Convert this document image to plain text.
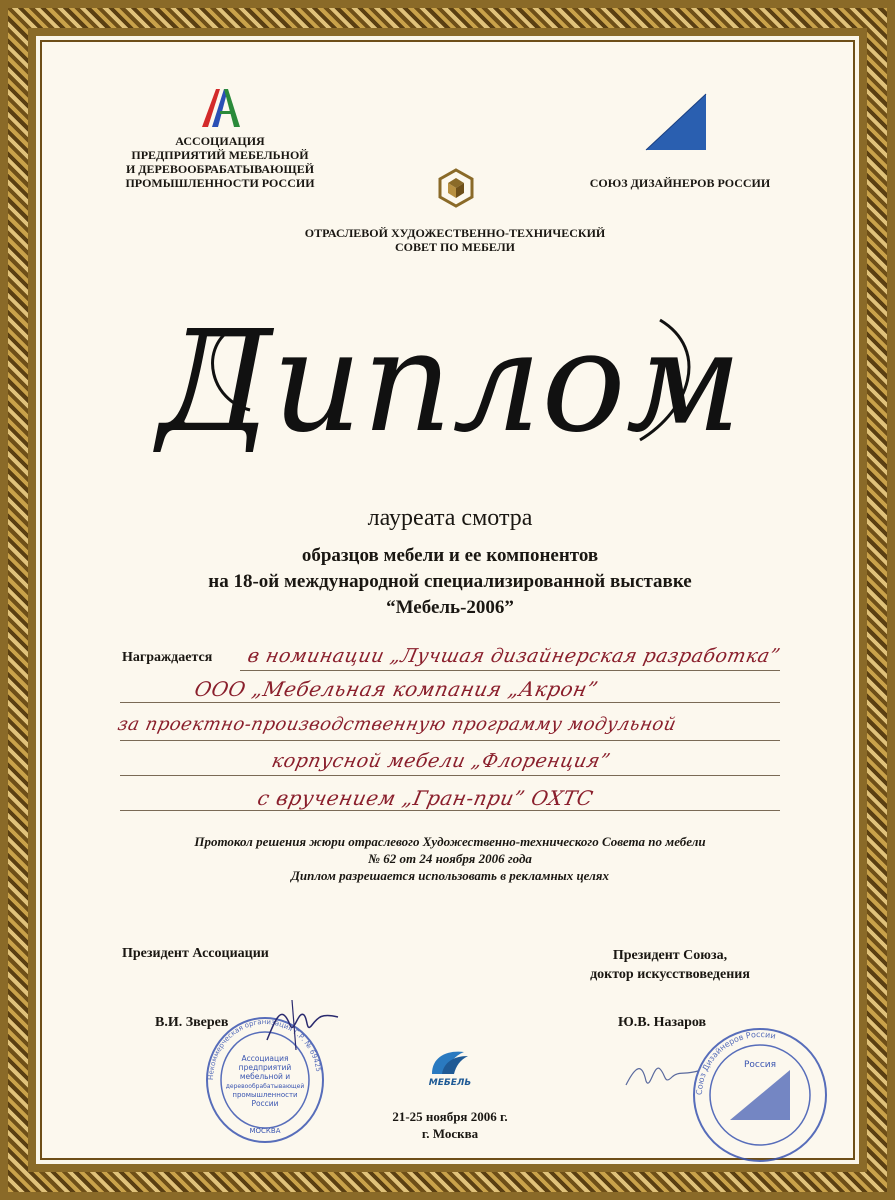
АССОЦИАЦИЯ
ПРЕДПРИЯТИЙ МЕБЕЛЬНОЙ
И ДЕРЕВООБРАБАТЫВАЮЩЕЙ
ПРОМЫШЛЕННОСТИ РОССИИ	СОЮЗ ДИЗАЙНЕРОВ РОССИИ
ОТРАСЛЕВОЙ ХУДОЖЕСТВЕННО-ТЕХНИЧЕСКИЙ
СОВЕТ ПО МЕБЕЛИ
Диплом
лауреата смотра
образцов мебели и ее компонентов
на 18-ой международной специализированной выставке
“Мебель-2006”
Награждается в номинации „Лучшая дизайнерская разработка”
ООО „Мебельная компания „Акрон”
за проектно-производственную программу модульной
корпусной мебели „Флоренция”
с вручением „Гран-при” ОХТС
Протокол решения жюри отраслевого Художественно-технического Совета по мебели
№ 62 от 24 ноября 2006 года
Диплом разрешается использовать в рекламных целях
Президент Ассоциации	Президент Союза,
доктор искусствоведения
Некоммерческая организация Г.Р. № 69425
Ассоциация
предприятий
мебельной и
деревообрабатывающей
промышленности
России
МОСКВА
Союз Дизайнеров России
Россия
В.И. Зверев	Ю.В. Назаров
МЕБЕЛЬ
21-25 ноября 2006 г.
г. Москва
